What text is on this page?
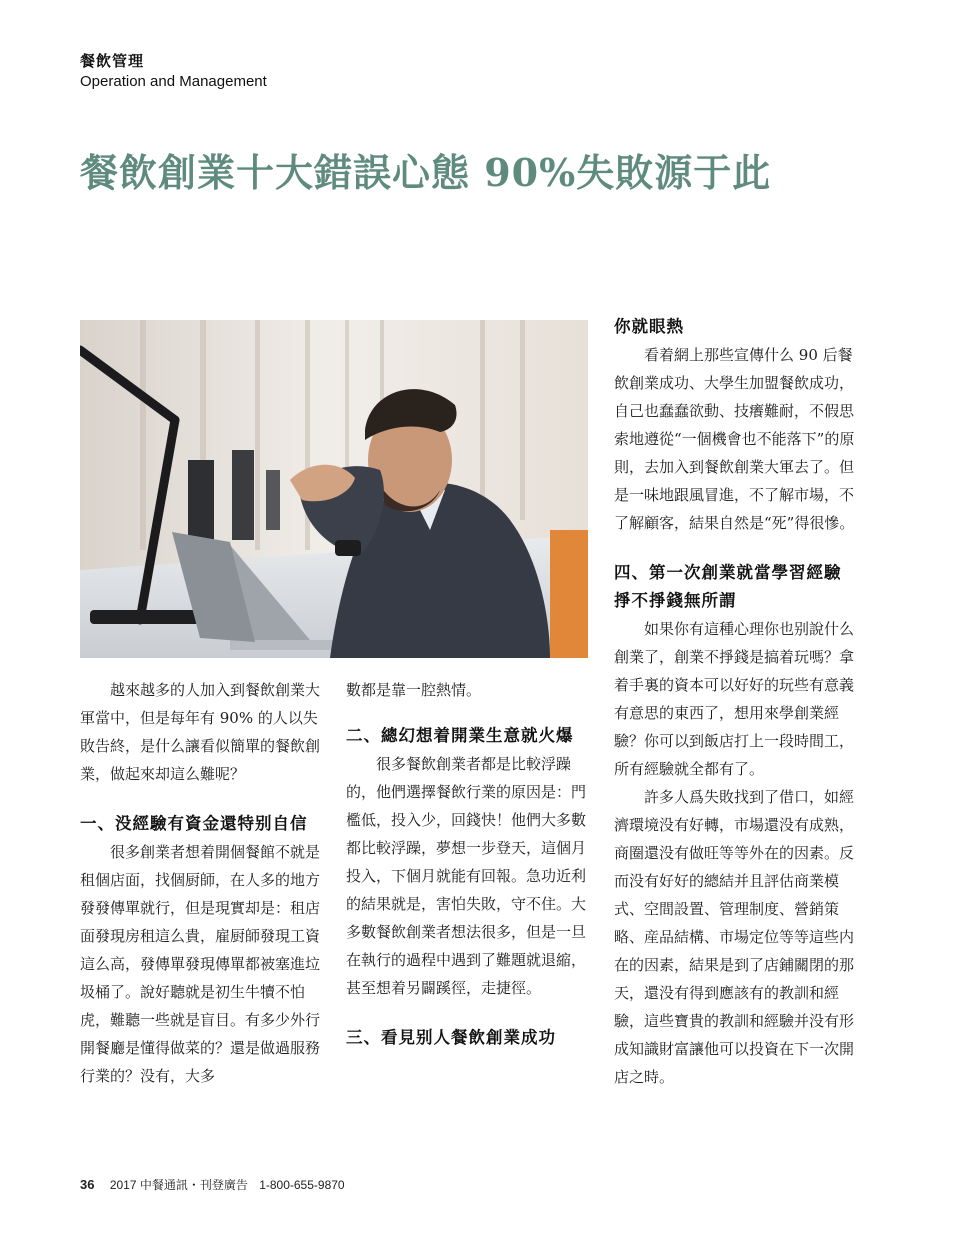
餐飲管理
Operation and Management
餐飲創業十大錯誤心態 90%失敗源于此

越來越多的人加入到餐飲創業大軍當中，但是每年有 90% 的人以失敗告終，是什么讓看似簡單的餐飲創業，做起來却這么難呢？

一、没經驗有資金還特别自信

很多創業者想着開個餐館不就是租個店面，找個厨師，在人多的地方發發傳單就行，但是現實却是：租店面發現房租這么貴，雇厨師發現工資這么高，發傳單發現傳單都被塞進垃圾桶了。說好聽就是初生牛犢不怕虎，難聽一些就是盲目。有多少外行開餐廳是懂得做菜的？還是做過服務行業的？没有，大多

數都是靠一腔熱情。

二、總幻想着開業生意就火爆

很多餐飲創業者都是比較浮躁的，他們選擇餐飲行業的原因是：門檻低，投入少，回錢快！他們大多數都比較浮躁，夢想一步登天，這個月投入，下個月就能有回報。急功近利的結果就是，害怕失敗，守不住。大多數餐飲創業者想法很多，但是一旦在執行的過程中遇到了難題就退縮，甚至想着另闢蹊徑，走捷徑。

三、看見别人餐飲創業成功
你就眼熱

看着網上那些宣傳什么 90 后餐飲創業成功、大學生加盟餐飲成功，自己也蠢蠢欲動、技癢難耐，不假思索地遵從“一個機會也不能落下”的原則，去加入到餐飲創業大軍去了。但是一味地跟風冒進，不了解市場，不了解顧客，結果自然是“死”得很慘。

四、第一次創業就當學習經驗 掙不掙錢無所謂

如果你有這種心理你也别說什么創業了，創業不掙錢是搞着玩嗎？拿着手裏的資本可以好好的玩些有意義有意思的東西了，想用來學創業經驗？你可以到飯店打上一段時間工，所有經驗就全都有了。

許多人爲失敗找到了借口，如經濟環境没有好轉，市場還没有成熟，商圈還没有做旺等等外在的因素。反而没有好好的總結并且評估商業模式、空間設置、管理制度、營銷策略、産品結構、市場定位等等這些内在的因素，結果是到了店鋪關閉的那天，還没有得到應該有的教訓和經驗，這些寶貴的教訓和經驗并没有形成知識財富讓他可以投資在下一次開店之時。

36 2017 中餐通訊・刊登廣告 1-800-655-9870
